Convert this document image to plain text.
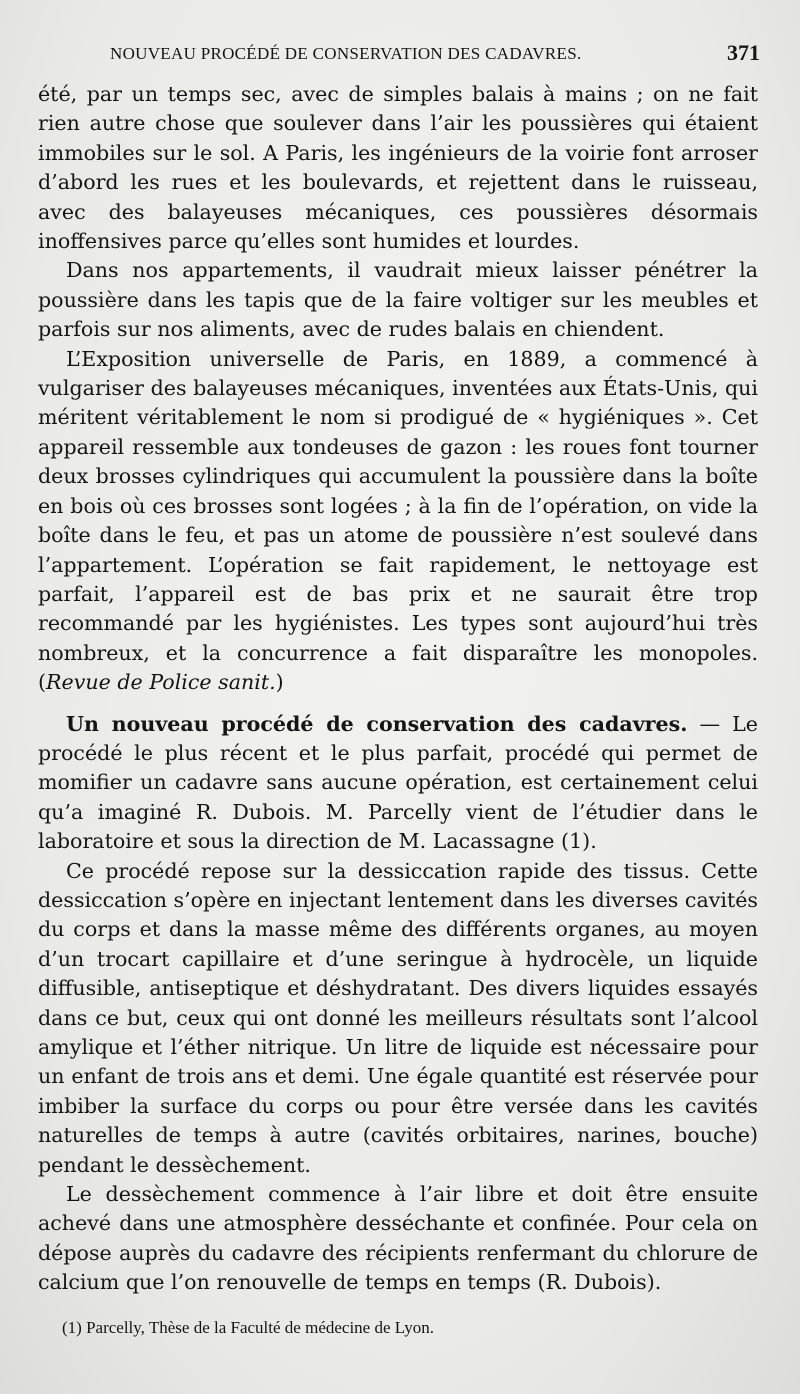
NOUVEAU PROCÉDÉ DE CONSERVATION DES CADAVRES.	371

été, par un temps sec, avec de simples balais à mains ; on ne fait rien autre chose que soulever dans l’air les poussières qui étaient immobiles sur le sol. A Paris, les ingénieurs de la voirie font arroser d’abord les rues et les boulevards, et rejettent dans le ruisseau, avec des balayeuses mécaniques, ces poussières désormais inoffensives parce qu’elles sont humides et lourdes.

Dans nos appartements, il vaudrait mieux laisser pénétrer la poussière dans les tapis que de la faire voltiger sur les meubles et parfois sur nos aliments, avec de rudes balais en chiendent.

L’Exposition universelle de Paris, en 1889, a commencé à vulgariser des balayeuses mécaniques, inventées aux États-Unis, qui méritent véritablement le nom si prodigué de « hygiéniques ». Cet appareil ressemble aux tondeuses de gazon : les roues font tourner deux brosses cylindriques qui accumulent la poussière dans la boîte en bois où ces brosses sont logées ; à la fin de l’opération, on vide la boîte dans le feu, et pas un atome de poussière n’est soulevé dans l’appartement. L’opération se fait rapidement, le nettoyage est parfait, l’appareil est de bas prix et ne saurait être trop recommandé par les hygiénistes. Les types sont aujourd’hui très nombreux, et la concurrence a fait disparaître les monopoles. (Revue de Police sanit.)

Un nouveau procédé de conservation des cadavres. — Le procédé le plus récent et le plus parfait, procédé qui permet de momifier un cadavre sans aucune opération, est certainement celui qu’a imaginé R. Dubois. M. Parcelly vient de l’étudier dans le laboratoire et sous la direction de M. Lacassagne (1).

Ce procédé repose sur la dessiccation rapide des tissus. Cette dessiccation s’opère en injectant lentement dans les diverses cavités du corps et dans la masse même des différents organes, au moyen d’un trocart capillaire et d’une seringue à hydrocèle, un liquide diffusible, antiseptique et déshydratant. Des divers liquides essayés dans ce but, ceux qui ont donné les meilleurs résultats sont l’alcool amylique et l’éther nitrique. Un litre de liquide est nécessaire pour un enfant de trois ans et demi. Une égale quantité est réservée pour imbiber la surface du corps ou pour être versée dans les cavités naturelles de temps à autre (cavités orbitaires, narines, bouche) pendant le dessèchement.

Le dessèchement commence à l’air libre et doit être ensuite achevé dans une atmosphère desséchante et confinée. Pour cela on dépose auprès du cadavre des récipients renfermant du chlorure de calcium que l’on renouvelle de temps en temps (R. Dubois).

(1) Parcelly, Thèse de la Faculté de médecine de Lyon.
